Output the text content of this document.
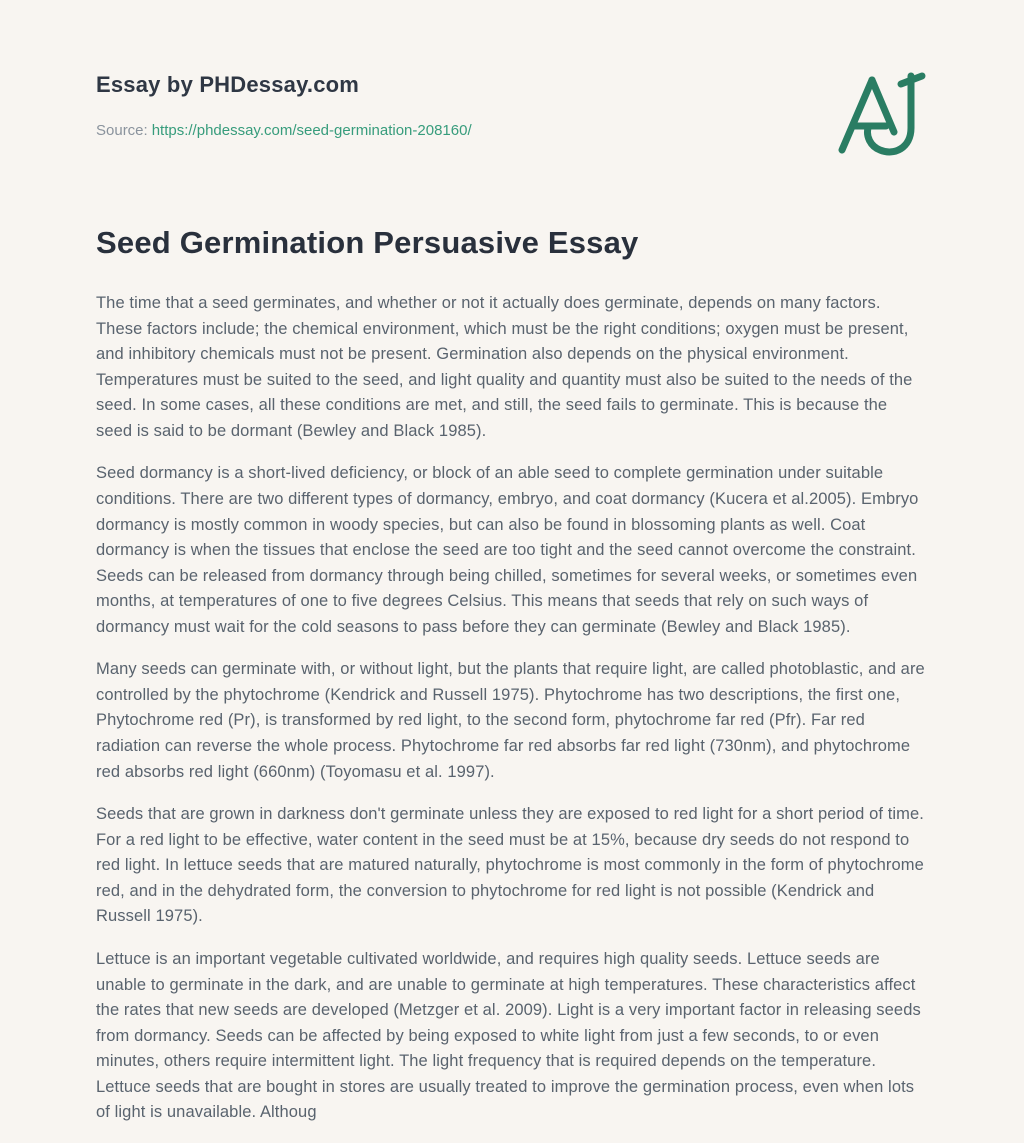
Essay by PHDessay.com
Source: https://phdessay.com/seed-germination-208160/
Seed Germination Persuasive Essay

The time that a seed germinates, and whether or not it actually does germinate, depends on many factors. These factors include; the chemical environment, which must be the right conditions; oxygen must be present, and inhibitory chemicals must not be present. Germination also depends on the physical environment. Temperatures must be suited to the seed, and light quality and quantity must also be suited to the needs of the seed. In some cases, all these conditions are met, and still, the seed fails to germinate. This is because the seed is said to be dormant (Bewley and Black 1985).

Seed dormancy is a short-lived deficiency, or block of an able seed to complete germination under suitable conditions. There are two different types of dormancy, embryo, and coat dormancy (Kucera et al.2005). Embryo dormancy is mostly common in woody species, but can also be found in blossoming plants as well. Coat dormancy is when the tissues that enclose the seed are too tight and the seed cannot overcome the constraint. Seeds can be released from dormancy through being chilled, sometimes for several weeks, or sometimes even months, at temperatures of one to five degrees Celsius. This means that seeds that rely on such ways of dormancy must wait for the cold seasons to pass before they can germinate (Bewley and Black 1985).

Many seeds can germinate with, or without light, but the plants that require light, are called photoblastic, and are controlled by the phytochrome (Kendrick and Russell 1975). Phytochrome has two descriptions, the first one, Phytochrome red (Pr), is transformed by red light, to the second form, phytochrome far red (Pfr). Far red radiation can reverse the whole process. Phytochrome far red absorbs far red light (730nm), and phytochrome red absorbs red light (660nm) (Toyomasu et al. 1997).

Seeds that are grown in darkness don't germinate unless they are exposed to red light for a short period of time. For a red light to be effective, water content in the seed must be at 15%, because dry seeds do not respond to red light. In lettuce seeds that are matured naturally, phytochrome is most commonly in the form of phytochrome red, and in the dehydrated form, the conversion to phytochrome for red light is not possible (Kendrick and Russell 1975).

Lettuce is an important vegetable cultivated worldwide, and requires high quality seeds. Lettuce seeds are unable to germinate in the dark, and are unable to germinate at high temperatures. These characteristics affect the rates that new seeds are developed (Metzger et al. 2009). Light is a very important factor in releasing seeds from dormancy. Seeds can be affected by being exposed to white light from just a few seconds, to or even minutes, others require intermittent light. The light frequency that is required depends on the temperature. Lettuce seeds that are bought in stores are usually treated to improve the germination process, even when lots of light is unavailable. Althoug
